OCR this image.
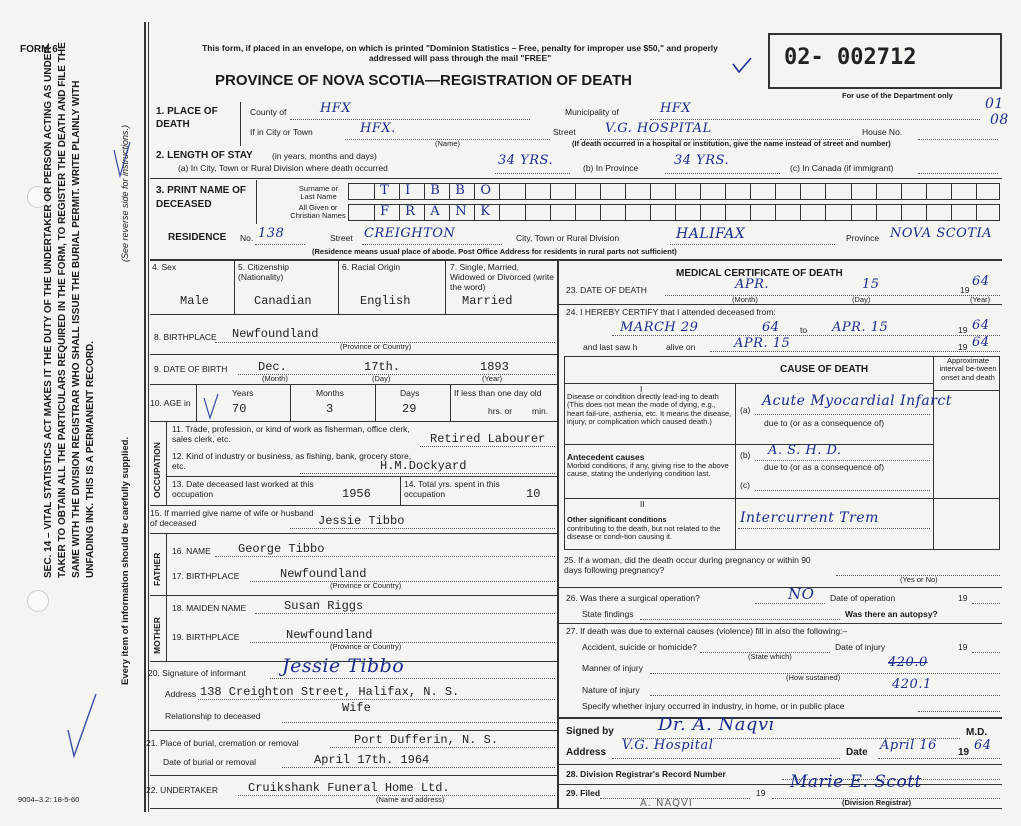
FORM 6
SEC. 14 – VITAL STATISTICS ACT MAKES IT THE DUTY OF THE UNDERTAKER OR PERSON ACTING AS UNDER- TAKER TO OBTAIN ALL THE PARTICULARS REQUIRED IN THE FORM, TO REGISTER THE DEATH AND FILE THE SAME WITH THE DIVISION REGISTRAR WHO SHALL ISSUE THE BURIAL PERMIT. WRITE PLAINLY WITH UNFADING INK. THIS IS A PERMANENT RECORD.	Every item of information should be carefully supplied.
(See reverse side for instructions.)
9004–3.2: 18-5-60
This form, if placed in an envelope, on which is printed "Dominion Statistics – Free, penalty for improper use $50," and properly addressed will pass through the mail "FREE"
PROVINCE OF NOVA SCOTIA—REGISTRATION OF DEATH
02- 002712
For use of the Department only
01
08
1. PLACE OF DEATH
County of	HFX	Municipality of	HFX
If in City or Town	HFX.
(Name)
Street V.G. HOSPITAL	House No.
(If death occurred in a hospital or institution, give the name instead of street and number)
2. LENGTH OF STAY (in years, months and days)
(a) In City, Town or Rural Division where death occurred	34 YRS.	(b) In Province	34 YRS.	(c) In Canada (if immigrant)
3. PRINT NAME OF DECEASED
Surname or Last Name
All Given or Christian Names
T I B B O
F R A N K
RESIDENCE No. 138	Street CREIGHTON	City, Town or Rural Division	HALIFAX	Province NOVA SCOTIA
(Residence means usual place of abode. Post Office Address for residents in rural parts not sufficient)
4. Sex	5. Citizenship (Nationality)
6. Racial Origin	7. Single, Married, Widowed or Divorced (write the word)
Male	Canadian	English	Married
8. BIRTHPLACE Newfoundland
(Province or Country)
9. DATE OF BIRTH	Dec.	17th.	1893
(Month)	(Day)	(Year)
10. AGE in
Years	Months	Days
70	3	29
If less than one day old
hrs. or min.
OCCUPATION
11. Trade, profession, or kind of work as fisherman, office clerk, sales clerk, etc.	Retired Labourer
12. Kind of industry or business, as fishing, bank, grocery store, etc.	H.M.Dockyard
13. Date deceased last worked at this occupation	1956
14. Total yrs. spent in this occupation	10
15. If married give name of wife or husband of deceased	Jessie Tibbo
FATHER
16. NAME George Tibbo
17. BIRTHPLACE	Newfoundland
(Province or Country)
MOTHER
18. MAIDEN NAME	Susan Riggs
19. BIRTHPLACE	Newfoundland
(Province or Country)
20. Signature of informant Jessie Tibbo
Address 138 Creighton Street, Halifax, N. S.
Wife
Relationship to deceased
21. Place of burial, cremation or removal	Port Dufferin, N. S.
Date of burial or removal	April 17th. 1964
22. UNDERTAKER	Cruikshank Funeral Home Ltd.
(Name and address)
MEDICAL CERTIFICATE OF DEATH
23. DATE OF DEATH	APR.	15	19
64
(Month)	(Day)	(Year)
24. I HEREBY CERTIFY that I attended deceased from:
MARCH 29	64 to APR. 15	19 64
and last saw h	alive on	APR. 15	19 64
CAUSE OF DEATH
Approximate interval be-tween onset and death
I
Disease or condition directly lead-ing to death (This does not mean the mode of dying, e.g., heart fail-ure, asthenia, etc. It means the disease, injury, or complication which caused death.)
(a)
Acute Myocardial Infarct
due to (or as a consequence of)
Antecedent causes
Morbid conditions, if any, giving rise to the above cause, stating the underlying condition last.
(b) A. S. H. D.
due to (or as a consequence of)
(c)
II
Other significant conditions
contributing to the death, but not related to the disease or condi-tion causing it.
Intercurrent Trem
25. If a woman, did the death occur during pregnancy or within 90 days following pregnancy?
(Yes or No)
26. Was there a surgical operation?	NO Date of operation	19
State findings	Was there an autopsy?
27. If death was due to external causes (violence) fill in also the following:–
Accident, suicide or homicide?
(State which)
Date of injury	19
Manner of injury	420.0
(How sustained)
Nature of injury	420.1
Specify whether injury occurred in industry, in home, or in public place
Signed by Dr. A. Naqvi	M.D.
Address V.G. Hospital	Date April 16 19 64
28. Division Registrar's Record Number
29. Filed	19
Marie E. Scott
(Division Registrar)
A. NAQVI
